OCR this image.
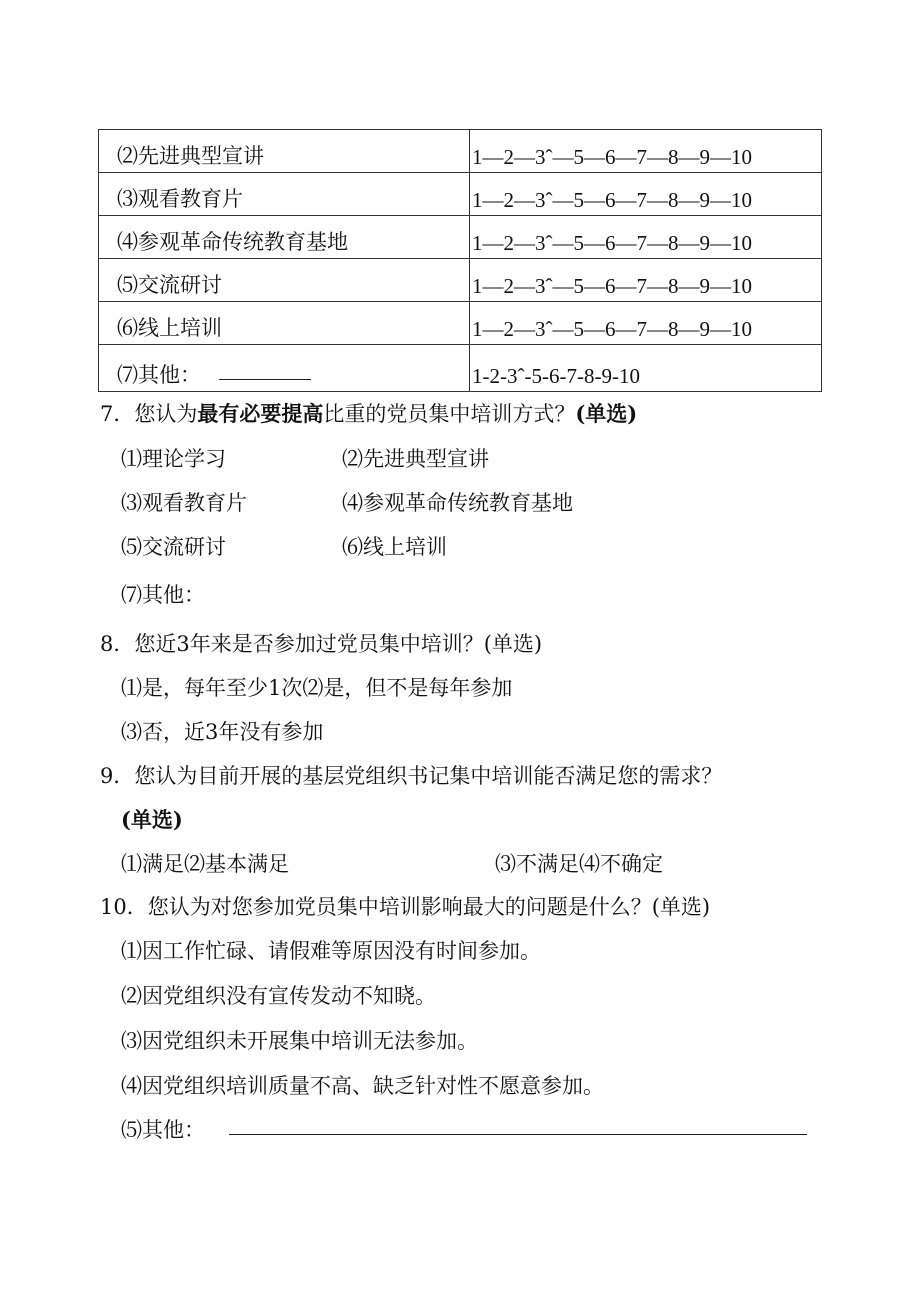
⑵先进典型宣讲	1—2—3ˆ—5—6—7—8—9—10
⑶观看教育片	1—2—3ˆ—5—6—7—8—9—10
⑷参观革命传统教育基地	1—2—3ˆ—5—6—7—8—9—10
⑸交流研讨	1—2—3ˆ—5—6—7—8—9—10
⑹线上培训	1—2—3ˆ—5—6—7—8—9—10
⑺其他：	1-2-3ˆ-5-6-7-8-9-10
7．您认为最有必要提高比重的党员集中培训方式？(单选)
⑴理论学习	⑵先进典型宣讲
⑶观看教育片	⑷参观革命传统教育基地
⑸交流研讨	⑹线上培训
⑺其他：
8．您近3年来是否参加过党员集中培训？(单选)
⑴是，每年至少1次⑵是，但不是每年参加
⑶否，近3年没有参加
9．您认为目前开展的基层党组织书记集中培训能否满足您的需求？
(单选)
⑴满足⑵基本满足	⑶不满足⑷不确定
10．您认为对您参加党员集中培训影响最大的问题是什么？(单选)
⑴因工作忙碌、请假难等原因没有时间参加。
⑵因党组织没有宣传发动不知晓。
⑶因党组织未开展集中培训无法参加。
⑷因党组织培训质量不高、缺乏针对性不愿意参加。
⑸其他：
